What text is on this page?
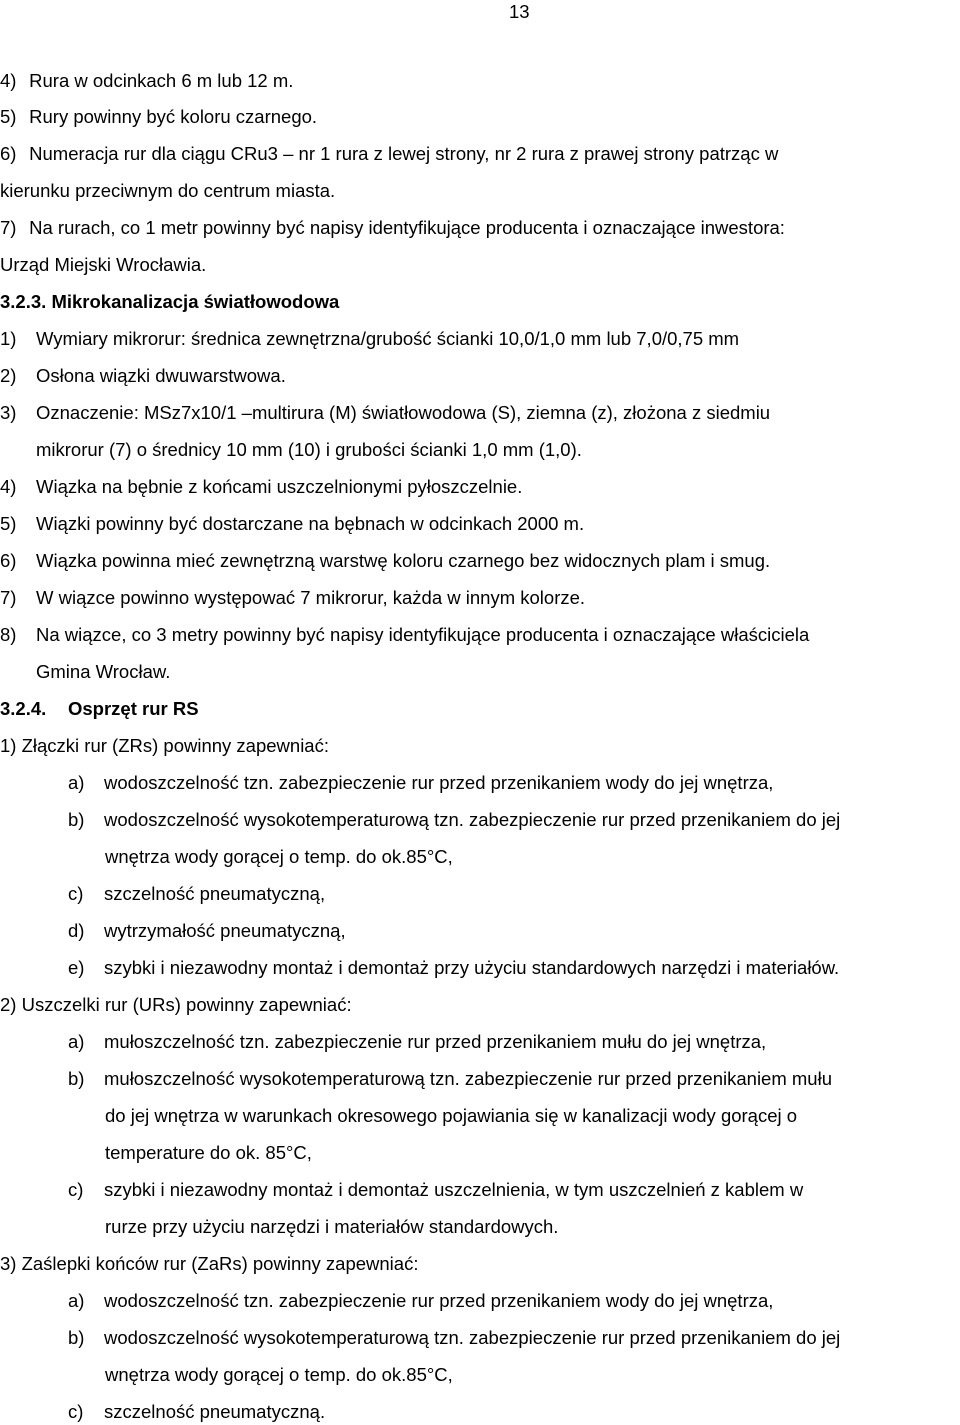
13
4) Rura w odcinkach 6 m lub 12 m.
5) Rury powinny być koloru czarnego.
6) Numeracja rur dla ciągu CRu3 – nr 1 rura z lewej strony, nr 2 rura z prawej strony patrząc w
kierunku przeciwnym do centrum miasta.
7) Na rurach, co 1 metr powinny być napisy identyfikujące producenta i oznaczające inwestora:
Urząd Miejski Wrocławia.
3.2.3. Mikrokanalizacja światłowodowa
1) Wymiary mikrorur: średnica zewnętrzna/grubość ścianki 10,0/1,0 mm lub 7,0/0,75 mm
2) Osłona wiązki dwuwarstwowa.
3) Oznaczenie: MSz7x10/1 –multirura (M) światłowodowa (S), ziemna (z), złożona z siedmiu
mikrorur (7) o średnicy 10 mm (10) i grubości ścianki 1,0 mm (1,0).
4) Wiązka na bębnie z końcami uszczelnionymi pyłoszczelnie.
5) Wiązki powinny być dostarczane na bębnach w odcinkach 2000 m.
6) Wiązka powinna mieć zewnętrzną warstwę koloru czarnego bez widocznych plam i smug.
7) W wiązce powinno występować 7 mikrorur, każda w innym kolorze.
8) Na wiązce, co 3 metry powinny być napisy identyfikujące producenta i oznaczające właściciela
Gmina Wrocław.
3.2.4. Osprzęt rur RS
1) Złączki rur (ZRs) powinny zapewniać:
a) wodoszczelność tzn. zabezpieczenie rur przed przenikaniem wody do jej wnętrza,
b) wodoszczelność wysokotemperaturową tzn. zabezpieczenie rur przed przenikaniem do jej
wnętrza wody gorącej o temp. do ok.85°C,
c) szczelność pneumatyczną,
d) wytrzymałość pneumatyczną,
e) szybki i niezawodny montaż i demontaż przy użyciu standardowych narzędzi i materiałów.
2) Uszczelki rur (URs) powinny zapewniać:
a) mułoszczelność tzn. zabezpieczenie rur przed przenikaniem mułu do jej wnętrza,
b) mułoszczelność wysokotemperaturową tzn. zabezpieczenie rur przed przenikaniem mułu
do jej wnętrza w warunkach okresowego pojawiania się w kanalizacji wody gorącej o
temperature do ok. 85°C,
c) szybki i niezawodny montaż i demontaż uszczelnienia, w tym uszczelnień z kablem w
rurze przy użyciu narzędzi i materiałów standardowych.
3) Zaślepki końców rur (ZaRs) powinny zapewniać:
a) wodoszczelność tzn. zabezpieczenie rur przed przenikaniem wody do jej wnętrza,
b) wodoszczelność wysokotemperaturową tzn. zabezpieczenie rur przed przenikaniem do jej
wnętrza wody gorącej o temp. do ok.85°C,
c) szczelność pneumatyczną.
